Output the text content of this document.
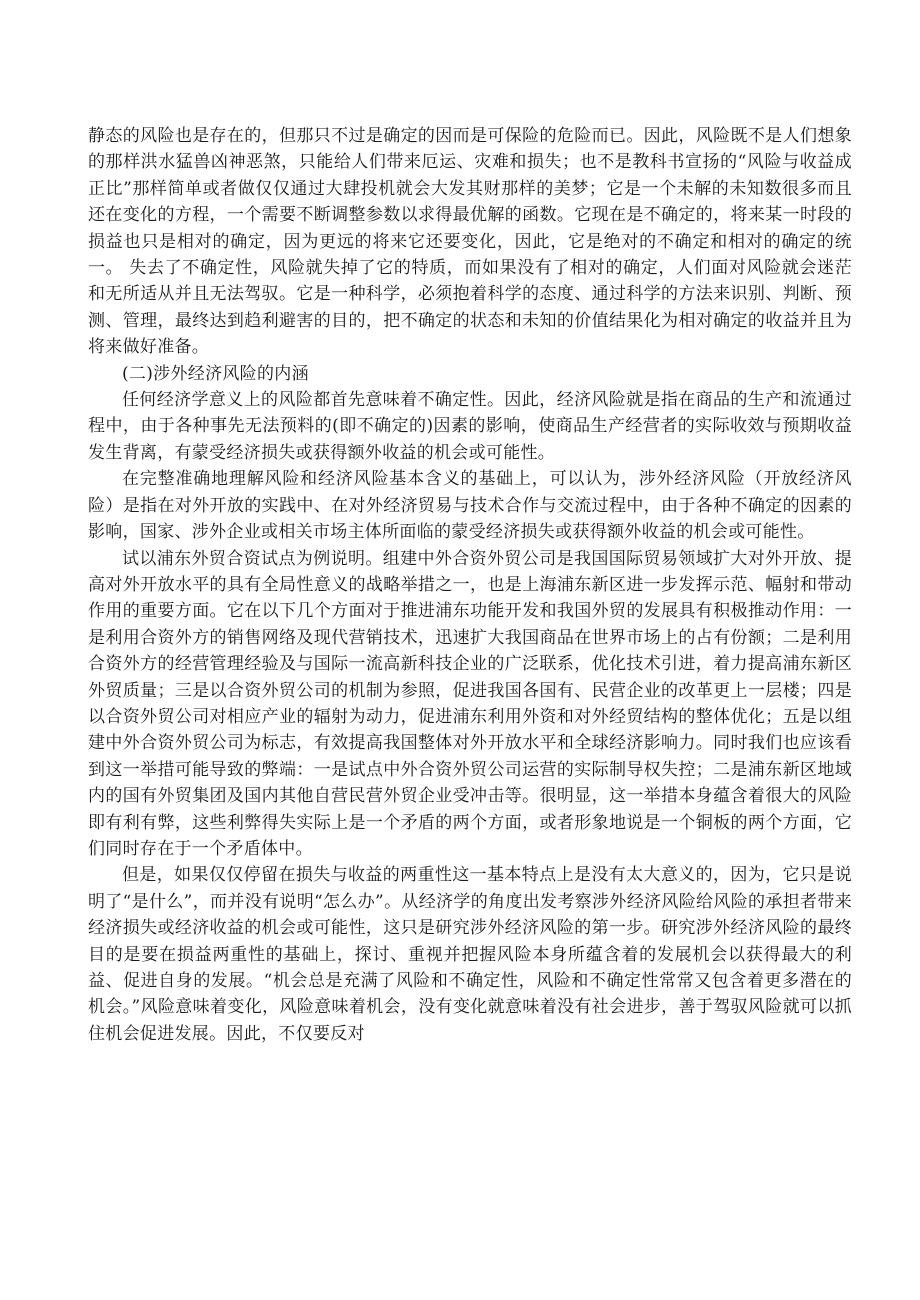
静态的风险也是存在的，但那只不过是确定的因而是可保险的危险而已。因此，风险既不是人们想象的那样洪水猛兽凶神恶煞，只能给人们带来厄运、灾难和损失；也不是教科书宣扬的“风险与收益成正比”那样简单或者做仅仅通过大肆投机就会大发其财那样的美梦；它是一个未解的未知数很多而且还在变化的方程，一个需要不断调整参数以求得最优解的函数。它现在是不确定的，将来某一时段的损益也只是相对的确定，因为更远的将来它还要变化，因此，它是绝对的不确定和相对的确定的统一。 失去了不确定性，风险就失掉了它的特质，而如果没有了相对的确定，人们面对风险就会迷茫和无所适从并且无法驾驭。它是一种科学，必须抱着科学的态度、通过科学的方法来识别、判断、预测、管理，最终达到趋利避害的目的，把不确定的状态和未知的价值结果化为相对确定的收益并且为将来做好准备。

(二)涉外经济风险的内涵

任何经济学意义上的风险都首先意味着不确定性。因此，经济风险就是指在商品的生产和流通过程中，由于各种事先无法预料的(即不确定的)因素的影响，使商品生产经营者的实际收效与预期收益发生背离，有蒙受经济损失或获得额外收益的机会或可能性。

在完整准确地理解风险和经济风险基本含义的基础上，可以认为，涉外经济风险（开放经济风险）是指在对外开放的实践中、在对外经济贸易与技术合作与交流过程中，由于各种不确定的因素的影响，国家、涉外企业或相关市场主体所面临的蒙受经济损失或获得额外收益的机会或可能性。

试以浦东外贸合资试点为例说明。组建中外合资外贸公司是我国国际贸易领域扩大对外开放、提高对外开放水平的具有全局性意义的战略举措之一，也是上海浦东新区进一步发挥示范、幅射和带动作用的重要方面。它在以下几个方面对于推进浦东功能开发和我国外贸的发展具有积极推动作用：一是利用合资外方的销售网络及现代营销技术，迅速扩大我国商品在世界市场上的占有份额；二是利用合资外方的经营管理经验及与国际一流高新科技企业的广泛联系，优化技术引进，着力提高浦东新区外贸质量；三是以合资外贸公司的机制为参照，促进我国各国有、民营企业的改革更上一层楼；四是以合资外贸公司对相应产业的辐射为动力，促进浦东利用外资和对外经贸结构的整体优化；五是以组建中外合资外贸公司为标志，有效提高我国整体对外开放水平和全球经济影响力。同时我们也应该看到这一举措可能导致的弊端：一是试点中外合资外贸公司运营的实际制导权失控；二是浦东新区地域内的国有外贸集团及国内其他自营民营外贸企业受冲击等。很明显，这一举措本身蕴含着很大的风险即有利有弊，这些利弊得失实际上是一个矛盾的两个方面，或者形象地说是一个铜板的两个方面，它们同时存在于一个矛盾体中。

但是，如果仅仅停留在损失与收益的两重性这一基本特点上是没有太大意义的，因为，它只是说明了“是什么”，而并没有说明“怎么办”。从经济学的角度出发考察涉外经济风险给风险的承担者带来经济损失或经济收益的机会或可能性，这只是研究涉外经济风险的第一步。研究涉外经济风险的最终目的是要在损益两重性的基础上，探讨、重视并把握风险本身所蕴含着的发展机会以获得最大的利益、促进自身的发展。“机会总是充满了风险和不确定性，风险和不确定性常常又包含着更多潜在的机会。”风险意味着变化，风险意味着机会，没有变化就意味着没有社会进步，善于驾驭风险就可以抓住机会促进发展。因此，不仅要反对
